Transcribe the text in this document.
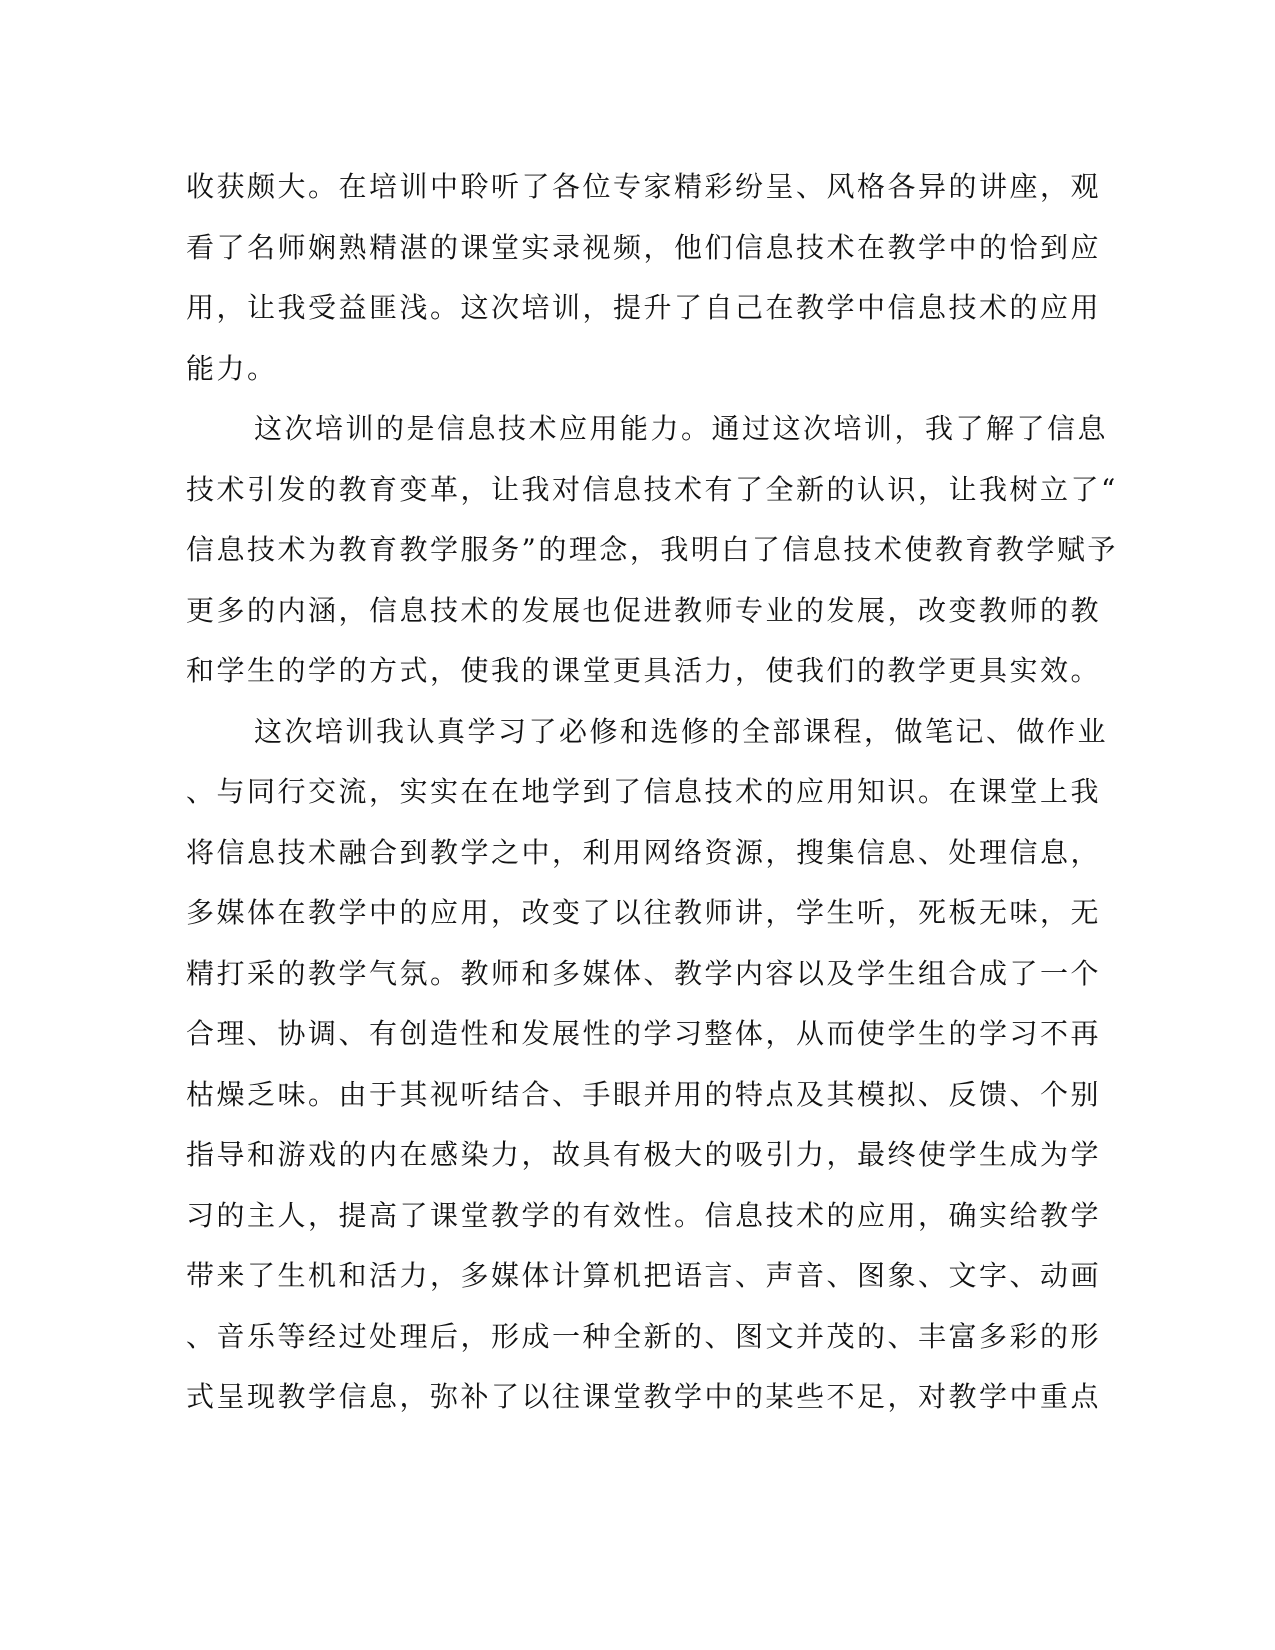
收获颇大。在培训中聆听了各位专家精彩纷呈、风格各异的讲座，观
看了名师娴熟精湛的课堂实录视频，他们信息技术在教学中的恰到应
用，让我受益匪浅。这次培训，提升了自己在教学中信息技术的应用
能力。
这次培训的是信息技术应用能力。通过这次培训，我了解了信息
技术引发的教育变革，让我对信息技术有了全新的认识，让我树立了“
信息技术为教育教学服务”的理念，我明白了信息技术使教育教学赋予
更多的内涵，信息技术的发展也促进教师专业的发展，改变教师的教
和学生的学的方式，使我的课堂更具活力，使我们的教学更具实效。
这次培训我认真学习了必修和选修的全部课程，做笔记、做作业
、与同行交流，实实在在地学到了信息技术的应用知识。在课堂上我
将信息技术融合到教学之中，利用网络资源，搜集信息、处理信息，
多媒体在教学中的应用，改变了以往教师讲，学生听，死板无味，无
精打采的教学气氛。教师和多媒体、教学内容以及学生组合成了一个
合理、协调、有创造性和发展性的学习整体，从而使学生的学习不再
枯燥乏味。由于其视听结合、手眼并用的特点及其模拟、反馈、个别
指导和游戏的内在感染力，故具有极大的吸引力，最终使学生成为学
习的主人，提高了课堂教学的有效性。信息技术的应用，确实给教学
带来了生机和活力，多媒体计算机把语言、声音、图象、文字、动画
、音乐等经过处理后，形成一种全新的、图文并茂的、丰富多彩的形
式呈现教学信息，弥补了以往课堂教学中的某些不足，对教学中重点
